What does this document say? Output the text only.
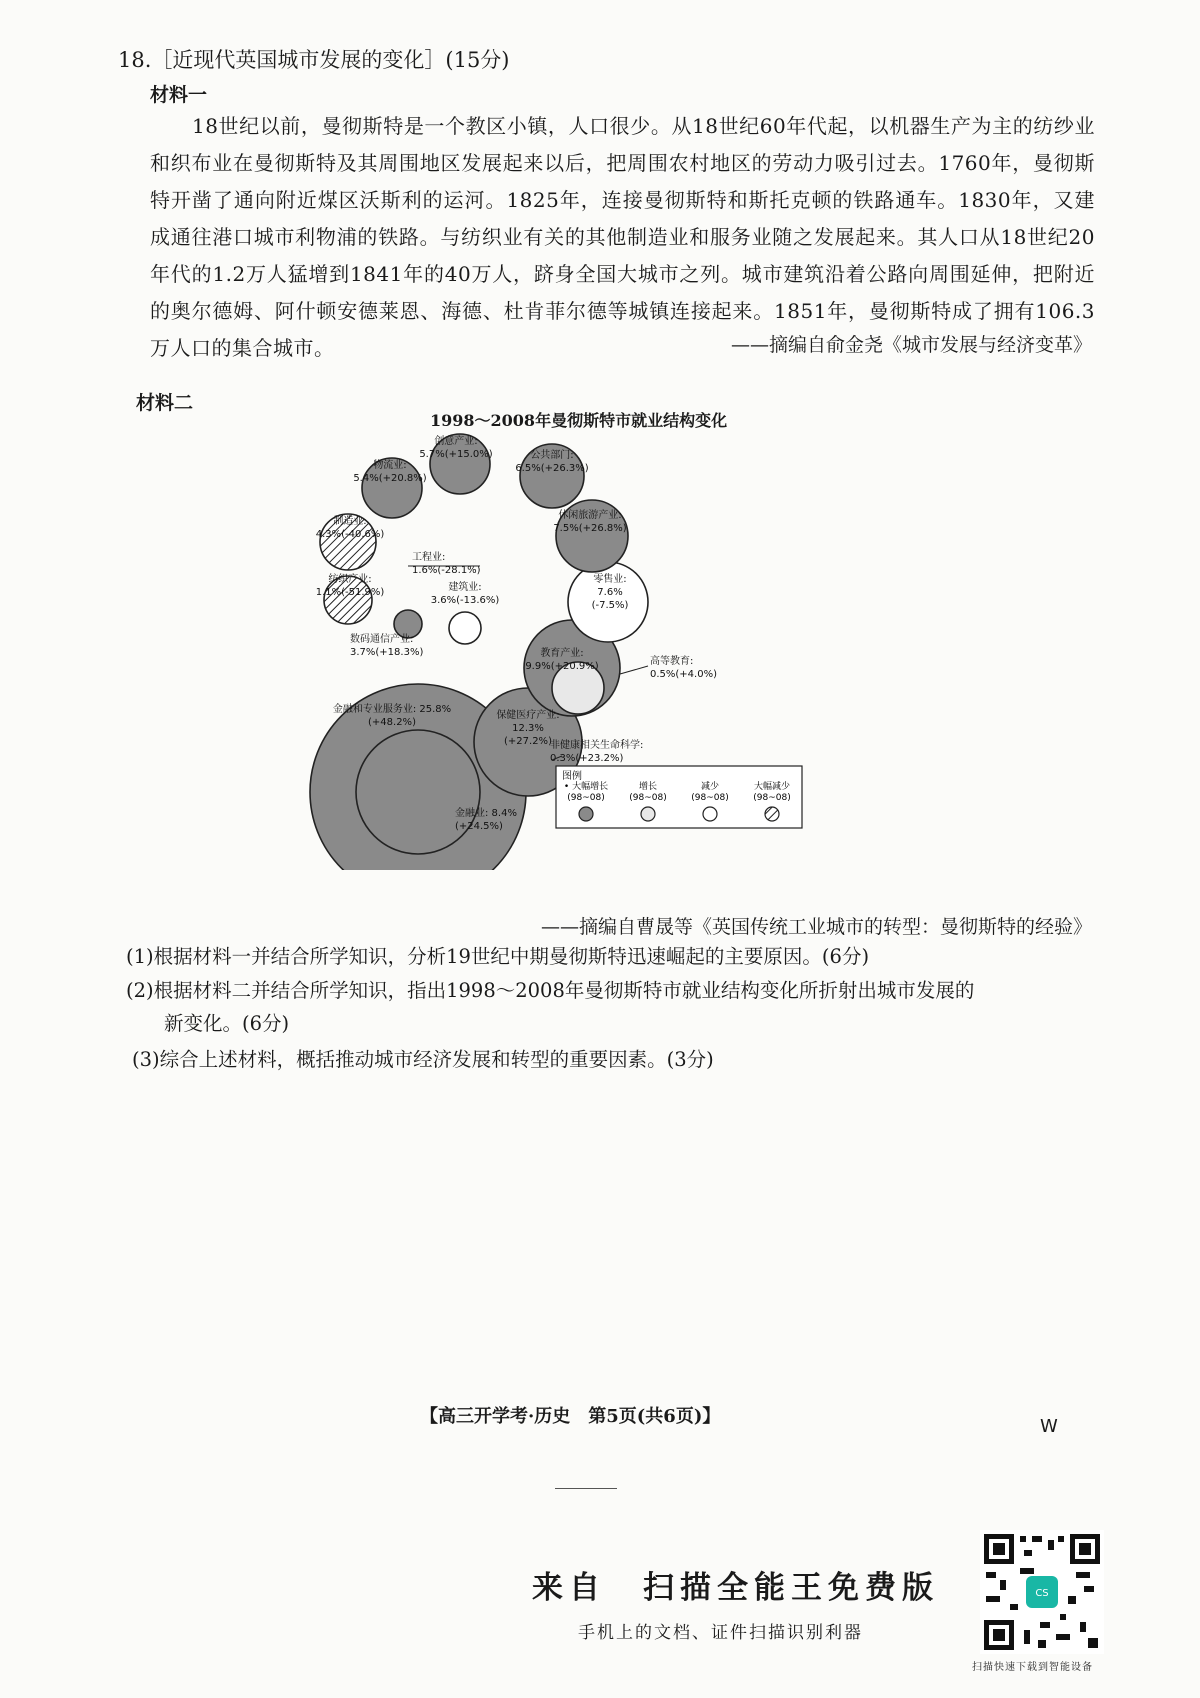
18.［近现代英国城市发展的变化］(15分)
材料一
18世纪以前，曼彻斯特是一个教区小镇，人口很少。从18世纪60年代起，以机器生产为主的纺纱业和织布业在曼彻斯特及其周围地区发展起来以后，把周围农村地区的劳动力吸引过去。1760年，曼彻斯特开凿了通向附近煤区沃斯利的运河。1825年，连接曼彻斯特和斯托克顿的铁路通车。1830年，又建成通往港口城市利物浦的铁路。与纺织业有关的其他制造业和服务业随之发展起来。其人口从18世纪20年代的1.2万人猛增到1841年的40万人，跻身全国大城市之列。城市建筑沿着公路向周围延伸，把附近的奥尔德姆、阿什顿安德莱恩、海德、杜肯菲尔德等城镇连接起来。1851年，曼彻斯特成了拥有106.3万人口的集合城市。	——摘编自俞金尧《城市发展与经济变革》
材料二
1998～2008年曼彻斯特市就业结构变化
物流业:
5.4%(+20.8%)
创意产业:
5.7%(+15.0%)	公共部门:
6.5%(+26.3%)
制造业:
4.3%(-40.6%)
工程业:
1.6%(-28.1%)
休闲旅游产业:
7.5%(+26.8%)
纺织产业:
1.1%(-51.9%)	建筑业:
3.6%(-13.6%)
零售业:
7.6%
(-7.5%)
数码通信产业:
3.7%(+18.3%)	教育产业:
9.9%(+20.9%)	高等教育:
0.5%(+4.0%)
金融和专业服务业: 25.8%
(+48.2%)
保健医疗产业:
12.3%
(+27.2%)
非健康相关生命科学:
0.3%(+23.2%)
金融业: 8.4%
(+24.5%)
图例
• 大幅增长
(98~08)
增长
(98~08)
减少
(98~08)
大幅减少
(98~08)
——摘编自曹晟等《英国传统工业城市的转型：曼彻斯特的经验》
(1)根据材料一并结合所学知识，分析19世纪中期曼彻斯特迅速崛起的主要原因。(6分)
(2)根据材料二并结合所学知识，指出1998～2008年曼彻斯特市就业结构变化所折射出城市发展的
新变化。(6分)
(3)综合上述材料，概括推动城市经济发展和转型的重要因素。(3分)
【高三开学考·历史　第5页(共6页)】	W
来自　扫描全能王免费版
手机上的文档、证件扫描识别利器
扫描快速下载到智能设备
CS
